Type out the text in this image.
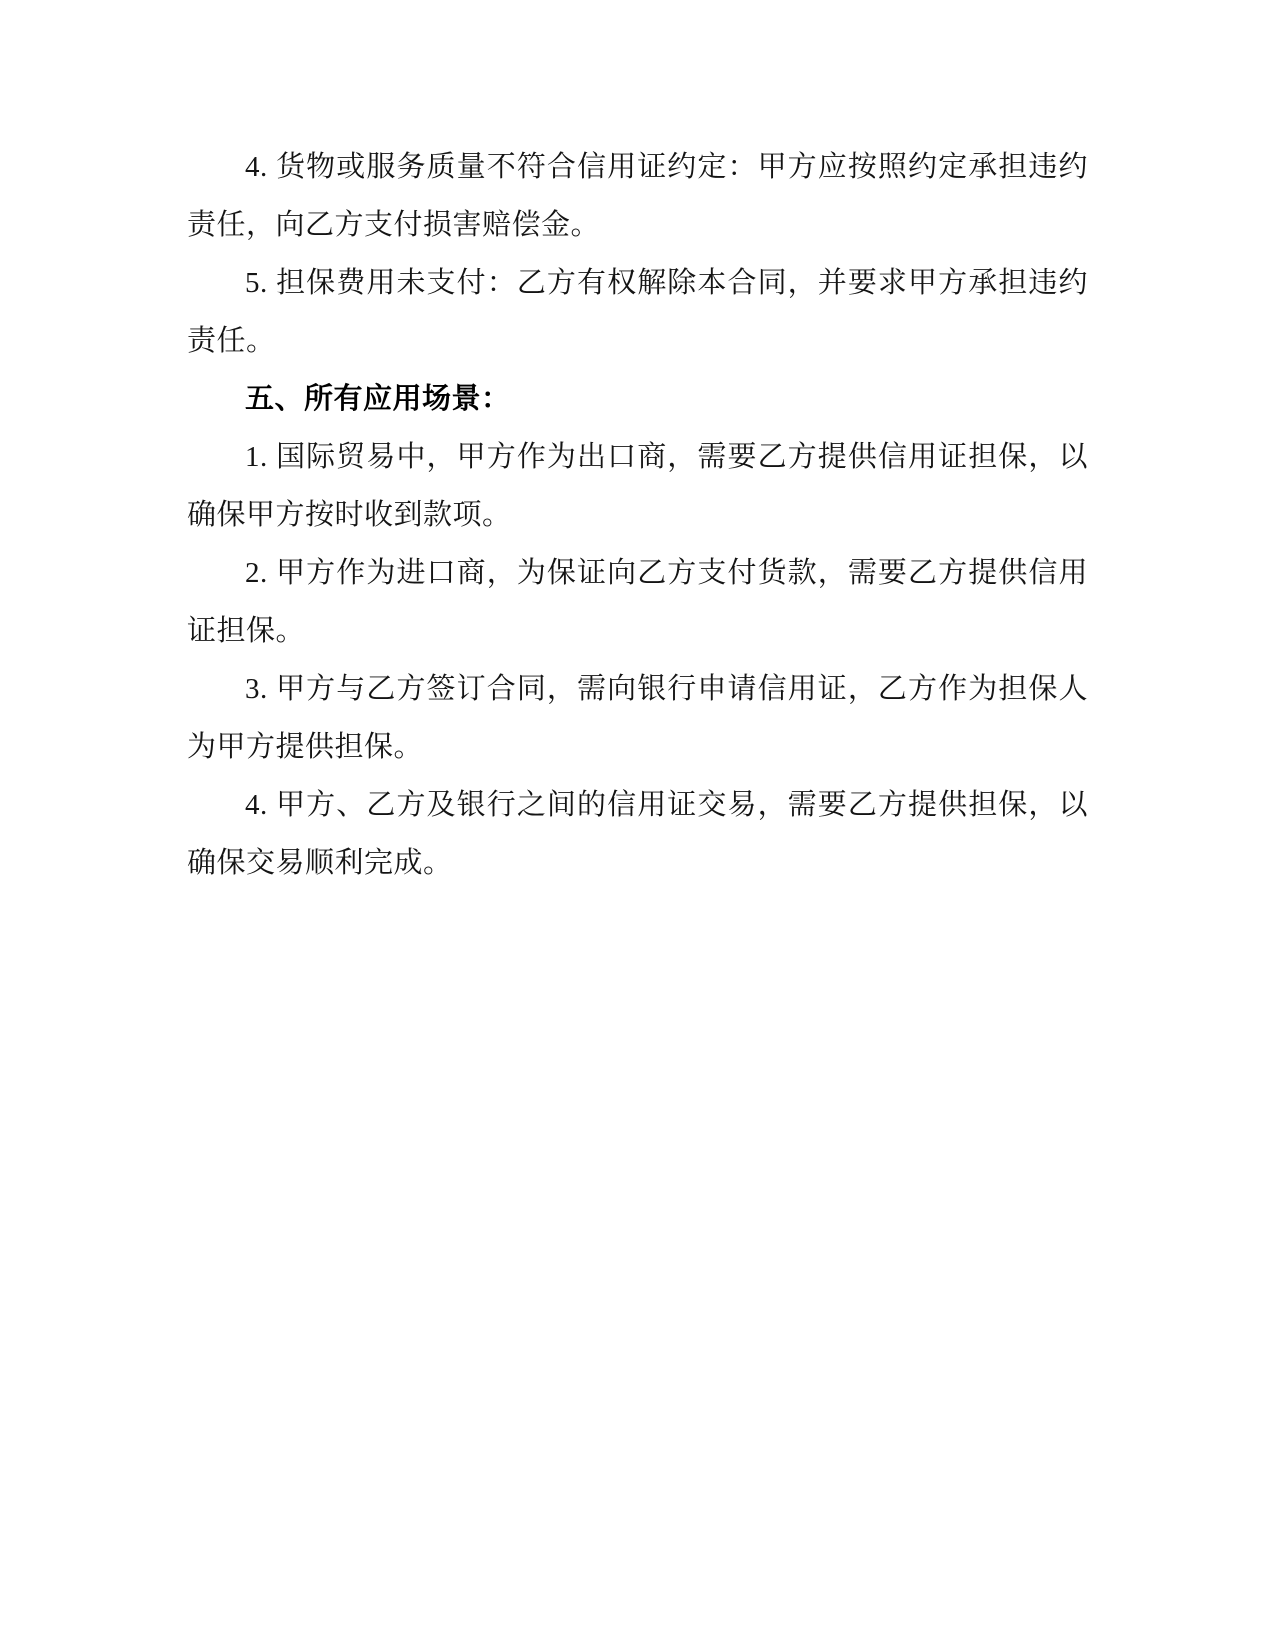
4. 货物或服务质量不符合信用证约定：甲方应按照约定承担违约责任，向乙方支付损害赔偿金。

5. 担保费用未支付：乙方有权解除本合同，并要求甲方承担违约责任。

五、所有应用场景：

1. 国际贸易中，甲方作为出口商，需要乙方提供信用证担保，以确保甲方按时收到款项。

2. 甲方作为进口商，为保证向乙方支付货款，需要乙方提供信用证担保。

3. 甲方与乙方签订合同，需向银行申请信用证，乙方作为担保人为甲方提供担保。

4. 甲方、乙方及银行之间的信用证交易，需要乙方提供担保，以确保交易顺利完成。
